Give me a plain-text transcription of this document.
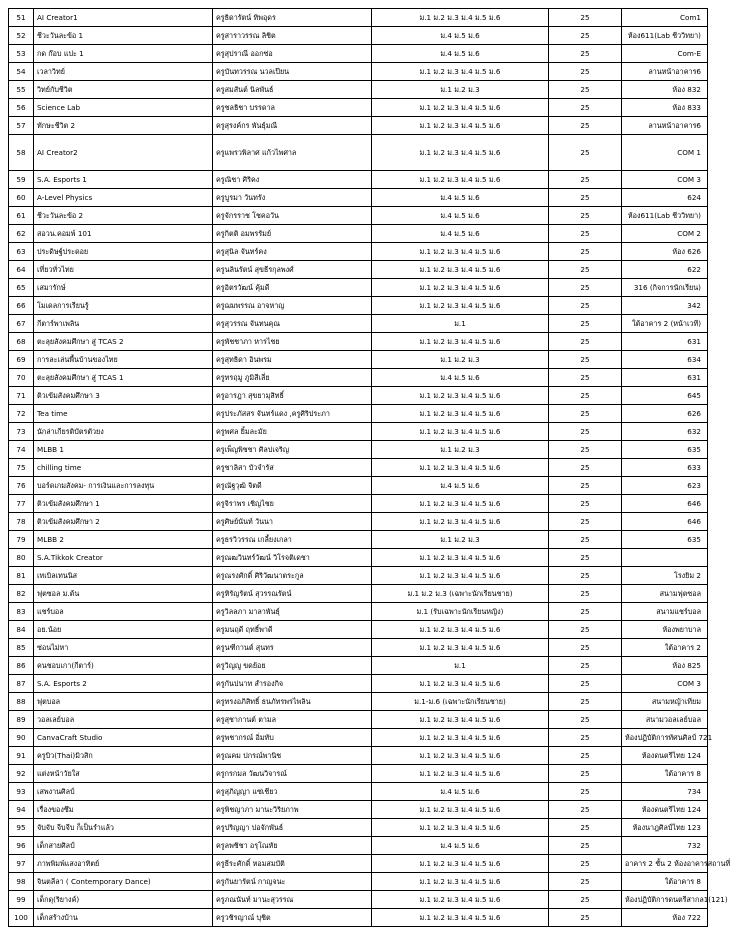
51	AI Creator1	ครูธิดารัตน์ ทิพอุดร	ม.1 ม.2 ม.3 ม.4 ม.5 ม.6	25	Com1
52	ชีวะวันละข้อ 1	ครูสาราวรรณ ลิชิต	ม.4 ม.5 ม.6	25	ห้อง611(Lab ชีววิทยา)
53	กด ก๊อบ แปะ 1	ครูสุปราณี ออกซ่อ	ม.4 ม.5 ม.6	25	Com-E
54	เวลาวิทย์	ครูบันทวรรณ นวลเปียน	ม.1 ม.2 ม.3 ม.4 ม.5 ม.6	25	ลานหน้าอาคาร6
55	วิทย์กับชีวิต	ครูสมสันต์ นิลพันธ์	ม.1 ม.2 ม.3	25	ห้อง 832
56	Science Lab	ครูชลธิชา บรรดาล	ม.1 ม.2 ม.3 ม.4 ม.5 ม.6	25	ห้อง 833
57	ทักษะชีวิต 2	ครูสุรงค์กร พันธุ์มณี	ม.1 ม.2 ม.3 ม.4 ม.5 ม.6	25	ลานหน้าอาคาร6
58	AI Creator2	ครูแพรวพิลาศ แก้วไพศาล	ม.1 ม.2 ม.3 ม.4 ม.5 ม.6	25	COM 1
59	S.A. Esports 1	ครูณิชา ศิริคง	ม.1 ม.2 ม.3 ม.4 ม.5 ม.6	25	COM 3
60	A-Level Physics	ครูบูรมา วันทรัง	ม.4 ม.5 ม.6	25	624
61	ชีวะวันละข้อ 2	ครูจักรราช โชคอวัน	ม.4 ม.5 ม.6	25	ห้อง611(Lab ชีววิทยา)
62	สอวน.คอมพ์ 101	ครูกิตติ อมพรรัมย์	ม.4 ม.5 ม.6	25	COM 2
63	ประดิษฐ์ประดอย	ครูสุนิล จันทร์คง	ม.1 ม.2 ม.3 ม.4 ม.5 ม.6	25	ห้อง 626
64	เที่ยวทั่วไทย	ครูนลินรัตน์ สุขธีรกุลพงศ์	ม.1 ม.2 ม.3 ม.4 ม.5 ม.6	25	622
65	เสมารักษ์	ครูอิตรวัฒน์ คุ้มดี	ม.1 ม.2 ม.3 ม.4 ม.5 ม.6	25	316 (กิจการนักเรียน)
66	โมเดลการเรียนรู้	ครูฌมพรรณ อาจหาญ	ม.1 ม.2 ม.3 ม.4 ม.5 ม.6	25	342
67	กีตาร์พาเพลิน	ครูสุวรรณ จันทนคุณ	ม.1	25	ใต้อาคาร 2 (หน้าเวที)
68	ตะลุยสังคมศึกษา สู่ TCAS 2	ครูพัชชาภา หารไชย	ม.1 ม.2 ม.3 ม.4 ม.5 ม.6	25	631
69	การละเล่นพื้นบ้านของไทย	ครูสุทธิดา อินพรม	ม.1 ม.2 ม.3	25	634
70	ตะลุยสังคมศึกษา สู่ TCAS 1	ครูทรฤมู ภูมิสีเลี่ย	ม.4 ม.5 ม.6	25	631
71	ติวเข้มสังคมศึกษา 3	ครูอารฎา สุขยามุสิทธิ์	ม.1 ม.2 ม.3 ม.4 ม.5 ม.6	25	645
72	Tea time	ครูประภัสสร จันทร์แดง ,ครูศิริประภา	ม.1 ม.2 ม.3 ม.4 ม.5 ม.6	25	626
73	นักล่าเกียรติบัตรตัวยง	ครูพศล ยิ้มละมัย	ม.1 ม.2 ม.3 ม.4 ม.5 ม.6	25	632
74	MLBB 1	ครูเพ็ญพิชชา ศิลปเจริญ	ม.1 ม.2 ม.3	25	635
75	chilling time	ครูชาลิสา บัวจำรัส	ม.1 ม.2 ม.3 ม.4 ม.5 ม.6	25	633
76	บอร์ดเกมสังคม- การเงินและการลงทุน	ครูณัฐวุฒิ จิตดี	ม.4 ม.5 ม.6	25	623
77	ติวเข้มสังคมศึกษา 1	ครูจิราพร เชิญไชย	ม.1 ม.2 ม.3 ม.4 ม.5 ม.6	25	646
78	ติวเข้มสังคมศึกษา 2	ครูศิษย์นันท์ วันนา	ม.1 ม.2 ม.3 ม.4 ม.5 ม.6	25	646
79	MLBB 2	ครูธรวิวรรณ เกลี้ยงเกลา	ม.1 ม.2 ม.3	25	635
80	S.A.Tikkok Creator	ครูณฒวินทร์วัฒน์ วิโรจติเดชา	ม.1 ม.2 ม.3 ม.4 ม.5 ม.6	25	
81	เทเบิลเทนนิส	ครูณรงศักดิ์ ศิริวัฒนาตระกูล	ม.1 ม.2 ม.3 ม.4 ม.5 ม.6	25	โรงยิม 2
82	ฟุตซอล ม.ต้น	ครูหิรัญรัตน์ สุวรรณรัตน์	ม.1 ม.2 ม.3 (เฉพาะนักเรียนชาย)	25	สนามฟุตซอล
83	แชร์บอล	ครูวิลลภา มาลาพันธุ์	ม.1 (รับเฉพาะนักเรียนหญิง)	25	สนามแชร์บอล
84	อย.น้อย	ครูมนฤดี ฤทธิ์พาดี	ม.1 ม.2 ม.3 ม.4 ม.5 ม.6	25	ห้องพยาบาล
85	ซ่อนไม่หา	ครูนฑีกานต์ สุนทร	ม.1 ม.2 ม.3 ม.4 ม.5 ม.6	25	ใต้อาคาร 2
86	คนชอบเกา(กีตาร์)	ครูวิญญู ขดย้อย	ม.1	25	ห้อง 825
87	S.A. Esports 2	ครูกันปนาท สำรองกิจ	ม.1 ม.2 ม.3 ม.4 ม.5 ม.6	25	COM 3
88	ฟุตบอล	ครูทรงอภิสิทธิ์ ธนภัทรพรไพลิน	ม.1-ม.6 (เฉพาะนักเรียนชาย)	25	สนามหญ้าเทียม
89	วอลเลย์บอล	ครูสุชากานต์ ตามล	ม.1 ม.2 ม.3 ม.4 ม.5 ม.6	25	สนามวอลเลย์บอล
90	CanvaCraft Studio	ครูพชากรณ์ อิ่มทับ	ม.1 ม.2 ม.3 ม.4 ม.5 ม.6	25	ห้องปฏิบัติการทัศนศิลป์ 721
91	ครูบิว(Thai)มิวสิก	ครูณคม ปกรณ์พานิช	ม.1 ม.2 ม.3 ม.4 ม.5 ม.6	25	ห้องดนตรีไทย 124
92	แต่งหน้าวัยใส	ครูกรกมล วัฒนวิจารณ์	ม.1 ม.2 ม.3 ม.4 ม.5 ม.6	25	ใต้อาคาร 8
93	เสพงานศิลป์	ครูสุภิญญา แซ่เชียว	ม.4 ม.5 ม.6	25	734
94	เรื่องของซึม	ครูพิชญาภา มานะวิริยภาพ	ม.1 ม.2 ม.3 ม.4 ม.5 ม.6	25	ห้องดนตรีไทย 124
95	จับจับ จีบจีบ ก็เป็นรำแล้ว	ครูปริญญา ปอจักพันธ์	ม.1 ม.2 ม.3 ม.4 ม.5 ม.6	25	ห้องนาฎศิลป์ไทย 123
96	เด็กสายศิลป์	ครูลพชิชา อรุโณทัย	ม.4 ม.5 ม.6	25	732
97	ภาพพิมพ์แสงอาทิตย์	ครูธีระศักดิ์ หอมสมบัติ	ม.1 ม.2 ม.3 ม.4 ม.5 ม.6	25	อาคาร 2 ชั้น 2 ห้องอาคารสถานที่
98	จินตลีลา ( Contemporary Dance)	ครูกันยารัตน์ กาญจนะ	ม.1 ม.2 ม.3 ม.4 ม.5 ม.6	25	ใต้อาคาร 8
99	เด็กดุ(ริยางค์)	ครูภณนันท์ มานะสุวรรณ	ม.1 ม.2 ม.3 ม.4 ม.5 ม.6	25	ห้องปฏิบัติการดนตรีสากล1(121)
100	เด็กสร้างบ้าน	ครูวชิรญาณ์ บุชิต	ม.1 ม.2 ม.3 ม.4 ม.5 ม.6	25	ห้อง 722
